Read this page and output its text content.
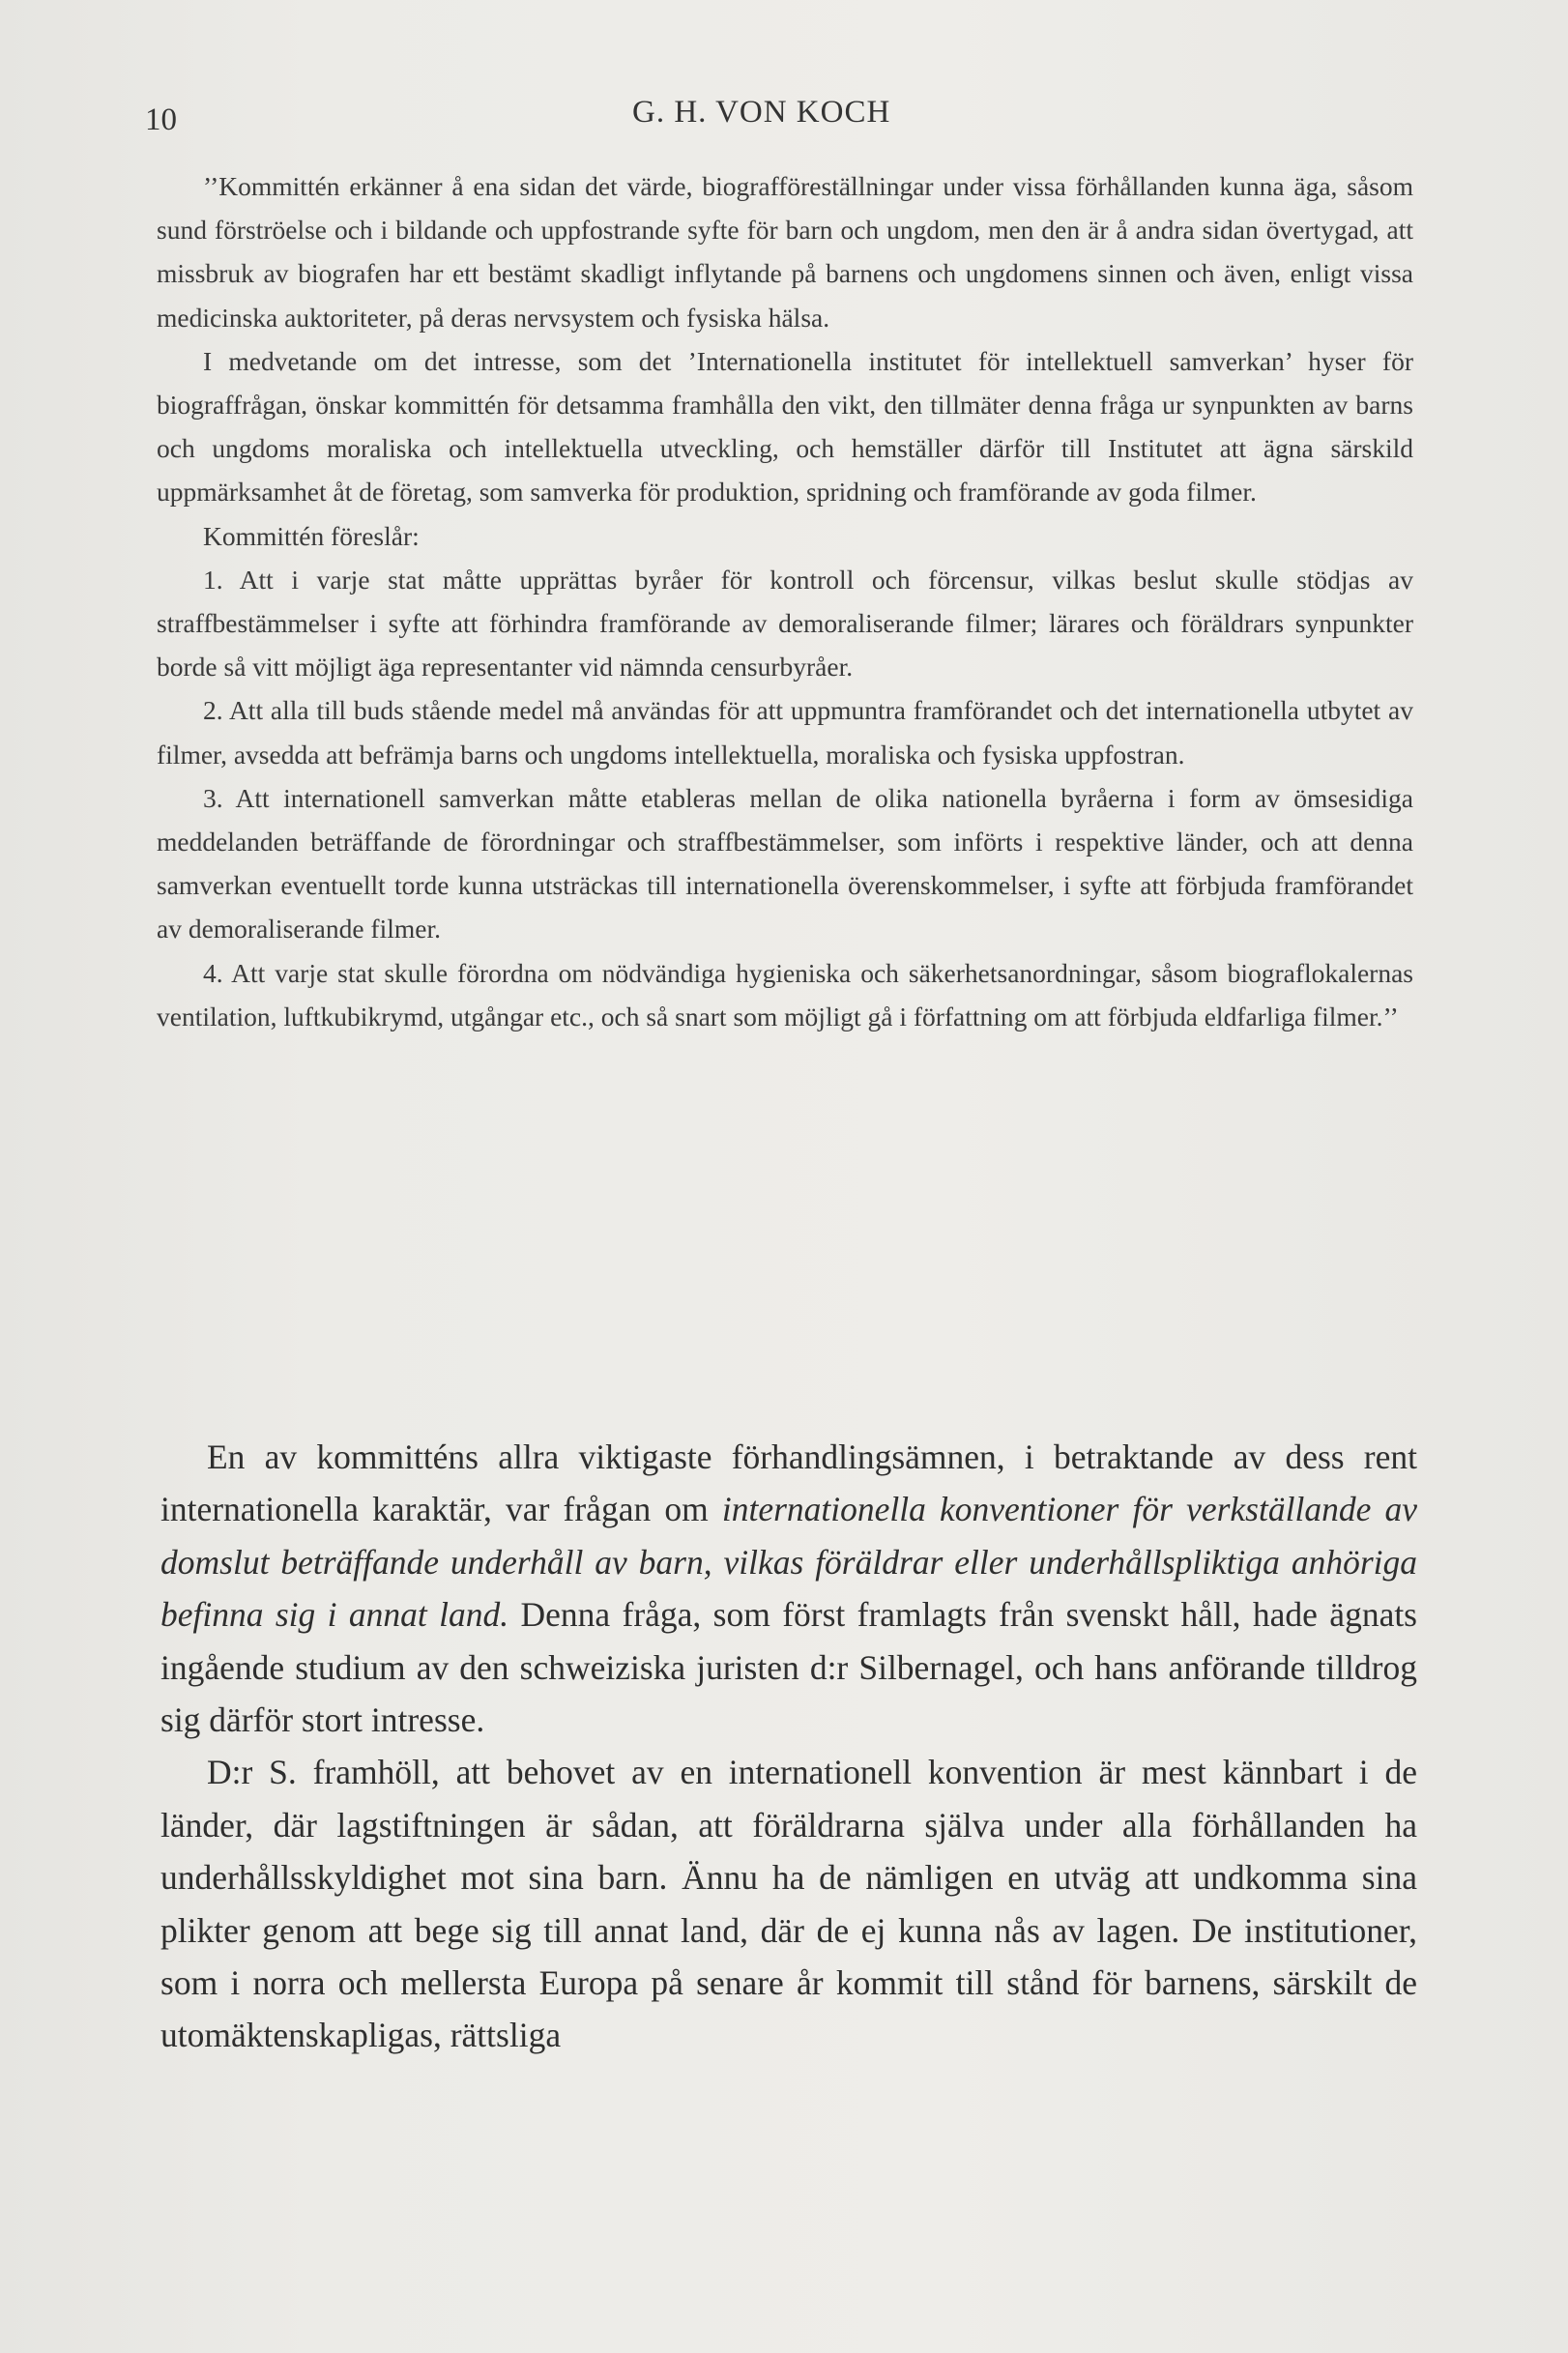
10	G. H. VON KOCH

’’Kommittén erkänner å ena sidan det värde, biografföreställningar under vissa förhållanden kunna äga, såsom sund förströelse och i bildande och uppfostrande syfte för barn och ungdom, men den är å andra sidan övertygad, att missbruk av biografen har ett bestämt skadligt inflytande på barnens och ungdomens sinnen och även, enligt vissa medicinska auktoriteter, på deras nervsystem och fysiska hälsa.

I medvetande om det intresse, som det ’Internationella institutet för intellektuell samverkan’ hyser för biograffrågan, önskar kommittén för detsamma framhålla den vikt, den tillmäter denna fråga ur synpunkten av barns och ungdoms moraliska och intellektuella utveckling, och hemställer därför till Institutet att ägna särskild uppmärksamhet åt de företag, som samverka för produktion, spridning och framförande av goda filmer.

Kommittén föreslår:

1. Att i varje stat måtte upprättas byråer för kontroll och förcensur, vilkas beslut skulle stödjas av straffbestämmelser i syfte att förhindra framförande av demoraliserande filmer; lärares och föräldrars synpunkter borde så vitt möjligt äga representanter vid nämnda censurbyråer.

2. Att alla till buds stående medel må användas för att uppmuntra framförandet och det internationella utbytet av filmer, avsedda att befrämja barns och ungdoms intellektuella, moraliska och fysiska uppfostran.

3. Att internationell samverkan måtte etableras mellan de olika nationella byråerna i form av ömsesidiga meddelanden beträffande de förordningar och straffbestämmelser, som införts i respektive länder, och att denna samverkan eventuellt torde kunna utsträckas till internationella överenskommelser, i syfte att förbjuda framförandet av demoraliserande filmer.

4. Att varje stat skulle förordna om nödvändiga hygieniska och säkerhetsanordningar, såsom biograflokalernas ventilation, luftkubikrymd, utgångar etc., och så snart som möjligt gå i författning om att förbjuda eldfarliga filmer.’’

En av kommitténs allra viktigaste förhandlingsämnen, i betraktande av dess rent internationella karaktär, var frågan om internationella konventioner för verkställande av domslut beträffande underhåll av barn, vilkas föräldrar eller underhållspliktiga anhöriga befinna sig i annat land. Denna fråga, som först framlagts från svenskt håll, hade ägnats ingående studium av den schweiziska juristen d:r Silbernagel, och hans anförande tilldrog sig därför stort intresse.

D:r S. framhöll, att behovet av en internationell konvention är mest kännbart i de länder, där lagstiftningen är sådan, att föräldrarna själva under alla förhållanden ha underhållsskyldighet mot sina barn. Ännu ha de nämligen en utväg att undkomma sina plikter genom att bege sig till annat land, där de ej kunna nås av lagen. De institutioner, som i norra och mellersta Europa på senare år kommit till stånd för barnens, särskilt de utomäktenskapligas, rättsliga
